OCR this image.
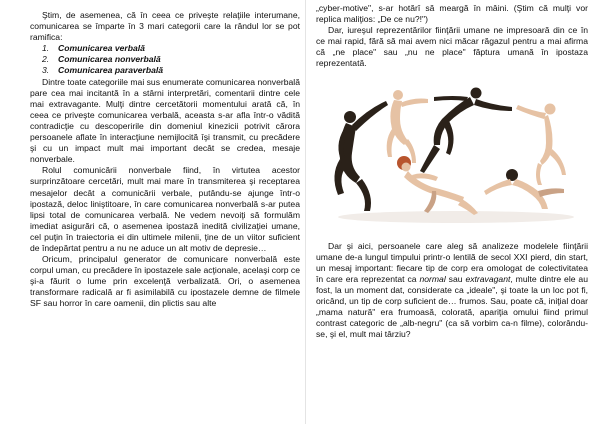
Ştim, de asemenea, că în ceea ce priveşte relaţiile interumane, comunicarea se împarte în 3 mari categorii care la rândul lor se pot ramifica:

1. Comunicarea verbală
2. Comunicarea nonverbală
3. Comunicarea paraverbală

Dintre toate categoriile mai sus enumerate comunicarea nonverbală pare cea mai incitantă în a stârni interpretări, comentarii dintre cele mai extravagante. Mulţi dintre cercetătorii momentului arată că, în ceea ce priveşte comunicarea verbală, aceasta s-ar afla într-o vădită contradicţie cu descoperirile din domeniul kinezicii potrivit cărora persoanele aflate în interacţiune nemijlocită îşi transmit, cu precădere şi cu un impact mult mai important decât se credea, mesaje nonverbale.

Rolul comunicării nonverbale fiind, în virtutea acestor surprinzătoare cercetări, mult mai mare în transmiterea şi receptarea mesajelor decât a comunicării verbale, putându-se ajunge într-o ipostază, deloc liniştitoare, în care comunicarea nonverbală s-ar putea lipsi total de comunicarea verbală. Ne vedem nevoiţi să formulăm imediat asigurări că, o asemenea ipostază inedită civilizaţiei umane, cel puţin în traiectoria ei din ultimele milenii, ţine de un viitor suficient de îndepărtat pentru a nu ne aduce un alt motiv de depresie…

Oricum, principalul generator de comunicare nonverbală este corpul uman, cu precădere în ipostazele sale acţionale, acelaşi corp ce şi-a făurit o lume prin excelenţă verbalizată. Ori, o asemenea transformare radicală ar fi asimilabilă cu ipostazele demne de filmele SF sau horror în care oamenii, din plictis sau alte

„cyber-motive", s-ar hotărî să meargă în mâini. (Ştim că mulţi vor replica maliţios: „De ce nu?!")

Dar, iureşul reprezentărilor fiinţării umane ne impresoară din ce în ce mai rapid, fără să mai avem nici măcar răgazul pentru a mai afirma că „ne place" sau „nu ne place" făptura umană în ipostaza reprezentată.

Dar şi aici, persoanele care aleg să analizeze modelele fiinţării umane de-a lungul timpului printr-o lentilă de secol XXI pierd, din start, un mesaj important: fiecare tip de corp era omologat de colectivitatea în care era reprezentat ca normal sau extravagant, multe dintre ele au fost, la un moment dat, considerate ca „ideale", şi toate la un loc pot fi, oricând, un tip de corp suficient de… frumos. Sau, poate că, iniţial doar „mama natură" era frumoasă, colorată, apariţia omului fiind primul contrast categoric de „alb-negru" (ca să vorbim ca-n filme), colorându-se, şi el, mult mai târziu?
